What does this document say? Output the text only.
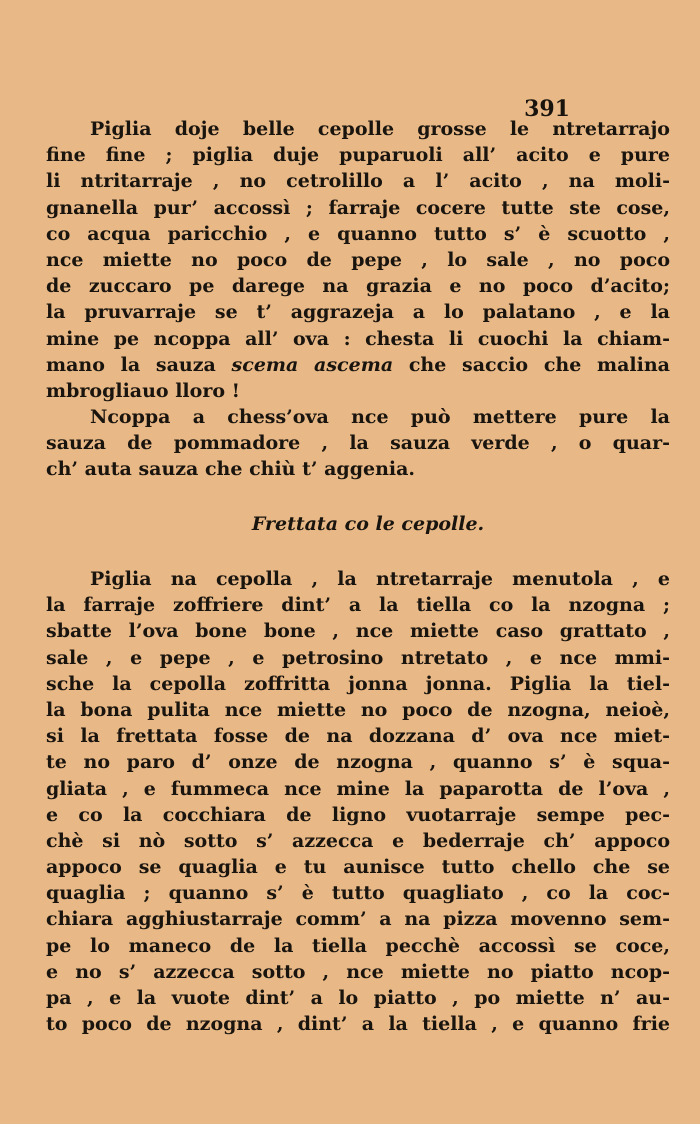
391
Piglia doje belle cepolle grosse le ntretarrajo
fine fine ; piglia duje puparuoli all’ acito e pure
li ntritarraje , no cetrolillo a l’ acito , na moli-
gnanella pur’ accossì ; farraje cocere tutte ste cose,
co acqua paricchio , e quanno tutto s’ è scuotto ,
nce miette no poco de pepe , lo sale , no poco
de zuccaro pe darege na grazia e no poco d’acito;
la pruvarraje se t’ aggrazeja a lo palatano , e la
mine pe ncoppa all’ ova : chesta li cuochi la chiam-
mano la sauza scema ascema che saccio che malina
mbrogliauo lloro !
Ncoppa a chess’ova nce può mettere pure la
sauza de pommadore , la sauza verde , o quar-
ch’ auta sauza che chiù t’ aggenia.
Frettata co le cepolle.
Piglia na cepolla , la ntretarraje menutola , e
la farraje zoffriere dint’ a la tiella co la nzogna ;
sbatte l’ova bone bone , nce miette caso grattato ,
sale , e pepe , e petrosino ntretato , e nce mmi-
sche la cepolla zoffritta jonna jonna. Piglia la tiel-
la bona pulita nce miette no poco de nzogna, neioè,
si la frettata fosse de na dozzana d’ ova nce miet-
te no paro d’ onze de nzogna , quanno s’ è squa-
gliata , e fummeca nce mine la paparotta de l’ova ,
e co la cocchiara de ligno vuotarraje sempe pec-
chè si nò sotto s’ azzecca e bederraje ch’ appoco
appoco se quaglia e tu aunisce tutto chello che se
quaglia ; quanno s’ è tutto quagliato , co la coc-
chiara agghiustarraje comm’ a na pizza movenno sem-
pe lo maneco de la tiella pecchè accossì se coce,
e no s’ azzecca sotto , nce miette no piatto ncop-
pa , e la vuote dint’ a lo piatto , po miette n’ au-
to poco de nzogna , dint’ a la tiella , e quanno frie
